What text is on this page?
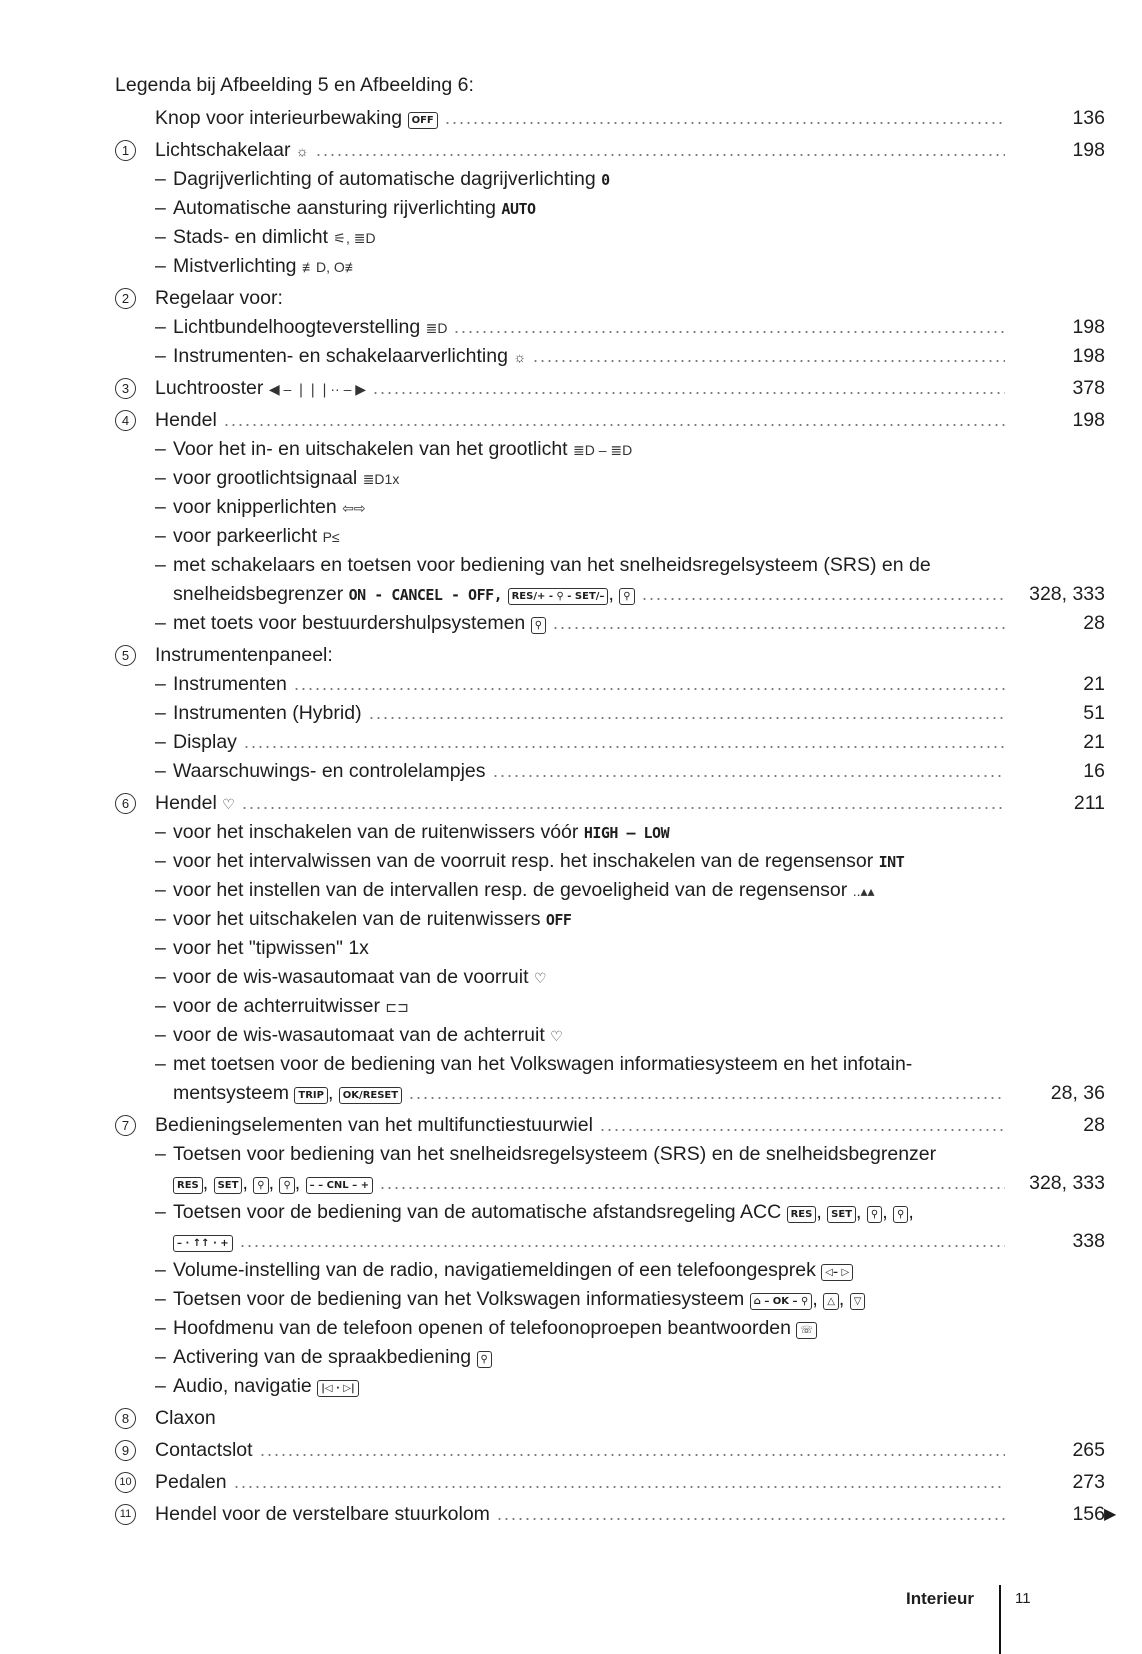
Legenda bij Afbeelding 5 en Afbeelding 6:
Knop voor interieurbewaking OFF	136
1	Lichtschakelaar ☼	198
– Dagrijverlichting of automatische dagrijverlichting 0
– Automatische aansturing rijverlichting AUTO
– Stads- en dimlicht ⚟, ≣D
– Mistverlichting ≢D, O≢
2	Regelaar voor:
– Lichtbundelhoogteverstelling ≣D	198
– Instrumenten- en schakelaarverlichting ☼	198
3	Luchtrooster ◀ – ❘❘❘·· – ▶	378
4	Hendel	198
– Voor het in- en uitschakelen van het grootlicht ≣D – ≣D
– voor grootlichtsignaal ≣D1x
– voor knipperlichten ⇦⇨
– voor parkeerlicht P≤
– met schakelaars en toetsen voor bediening van het snelheidsregelsysteem (SRS) en de
snelheidsbegrenzer ON - CANCEL - OFF, RES/+ - ⚲ - SET/– , ⚲	328, 333
– met toets voor bestuurdershulpsystemen ⚲	28
5	Instrumentenpaneel:
– Instrumenten	21
– Instrumenten (Hybrid)	51
– Display	21
– Waarschuwings- en controlelampjes	16
6	Hendel ♡	211
– voor het inschakelen van de ruitenwissers vóór HIGH – LOW
– voor het intervalwissen van de voorruit resp. het inschakelen van de regensensor INT
– voor het instellen van de intervallen resp. de gevoeligheid van de regensensor ..▴▴
– voor het uitschakelen van de ruitenwissers OFF
– voor het "tipwissen" 1x
– voor de wis-wasautomaat van de voorruit ♡
– voor de achterruitwisser ⊏⊐
– voor de wis-wasautomaat van de achterruit ♡
– met toetsen voor de bediening van het Volkswagen informatiesysteem en het infotain-
mentsysteem TRIP , OK/RESET	28, 36
7	Bedieningselementen van het multifunctiestuurwiel	28
– Toetsen voor bediening van het snelheidsregelsysteem (SRS) en de snelheidsbegrenzer
RES , SET , ⚲ , ⚲ , – – CNL – +	328, 333
– Toetsen voor de bediening van de automatische afstandsregeling ACC RES , SET , ⚲ , ⚲ ,
– · ↑↑ · +	338
– Volume-instelling van de radio, navigatiemeldingen of een telefoongesprek ◁– ▷
– Toetsen voor de bediening van het Volkswagen informatiesysteem ⌂ – OK – ⚲ , △ , ▽
– Hoofdmenu van de telefoon openen of telefoonoproepen beantwoorden ☏
– Activering van de spraakbediening ⚲
– Audio, navigatie |◁ · ▷|
8	Claxon
9	Contactslot	265
10 Pedalen	273
11 Hendel voor de verstelbare stuurkolom	156 ▶
Interieur	11
